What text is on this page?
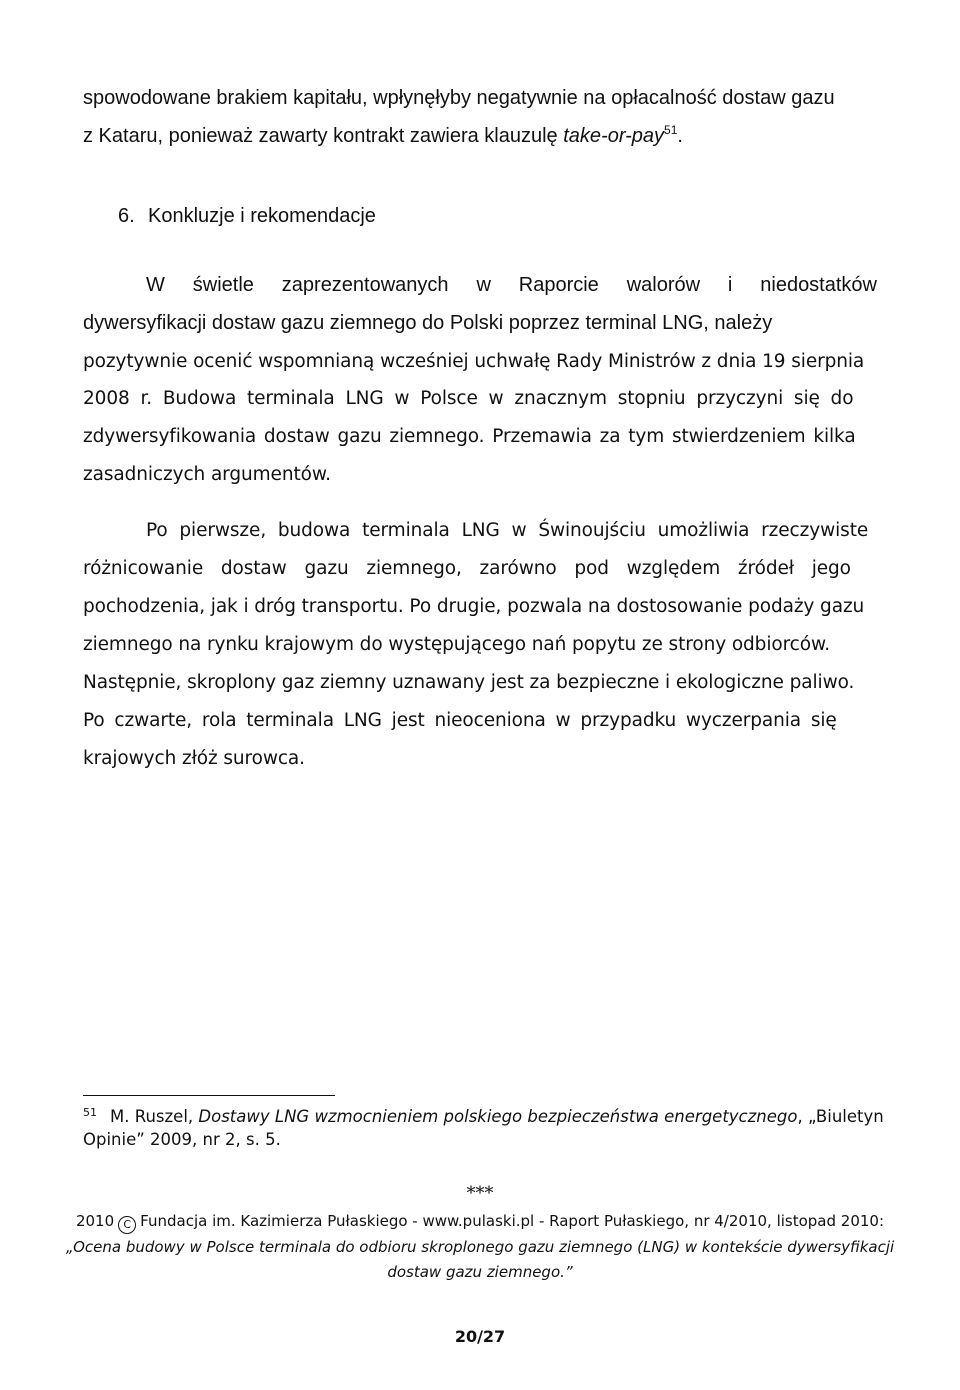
spowodowane brakiem kapitału, wpłynęłyby negatywnie na opłacalność dostaw gazu
z Kataru, ponieważ zawarty kontrakt zawiera klauzulę take-or-pay$^{51}$.
6. Konkluzje i rekomendacje
W świetle zaprezentowanych w Raporcie walorów i niedostatków
dywersyfikacji dostaw gazu ziemnego do Polski poprzez terminal LNG, należy
pozytywnie ocenić wspomnianą wcześniej uchwałę Rady Ministrów z dnia 19 sierpnia
2008 r. Budowa terminala LNG w Polsce w znacznym stopniu przyczyni się do
zdywersyfikowania dostaw gazu ziemnego. Przemawia za tym stwierdzeniem kilka
zasadniczych argumentów.
Po pierwsze, budowa terminala LNG w Świnoujściu umożliwia rzeczywiste
różnicowanie dostaw gazu ziemnego, zarówno pod względem źródeł jego
pochodzenia, jak i dróg transportu. Po drugie, pozwala na dostosowanie podaży gazu
ziemnego na rynku krajowym do występującego nań popytu ze strony odbiorców.
Następnie, skroplony gaz ziemny uznawany jest za bezpieczne i ekologiczne paliwo.
Po czwarte, rola terminala LNG jest nieoceniona w przypadku wyczerpania się
krajowych złóż surowca.
51 M. Ruszel, Dostawy LNG wzmocnieniem polskiego bezpieczeństwa energetycznego, „Biuletyn
Opinie” 2009, nr 2, s. 5.
***
2010 C Fundacja im. Kazimierza Pułaskiego - www.pulaski.pl - Raport Pułaskiego, nr 4/2010, listopad 2010:
„Ocena budowy w Polsce terminala do odbioru skroplonego gazu ziemnego (LNG) w kontekście dywersyfikacji
dostaw gazu ziemnego.”
20/27
